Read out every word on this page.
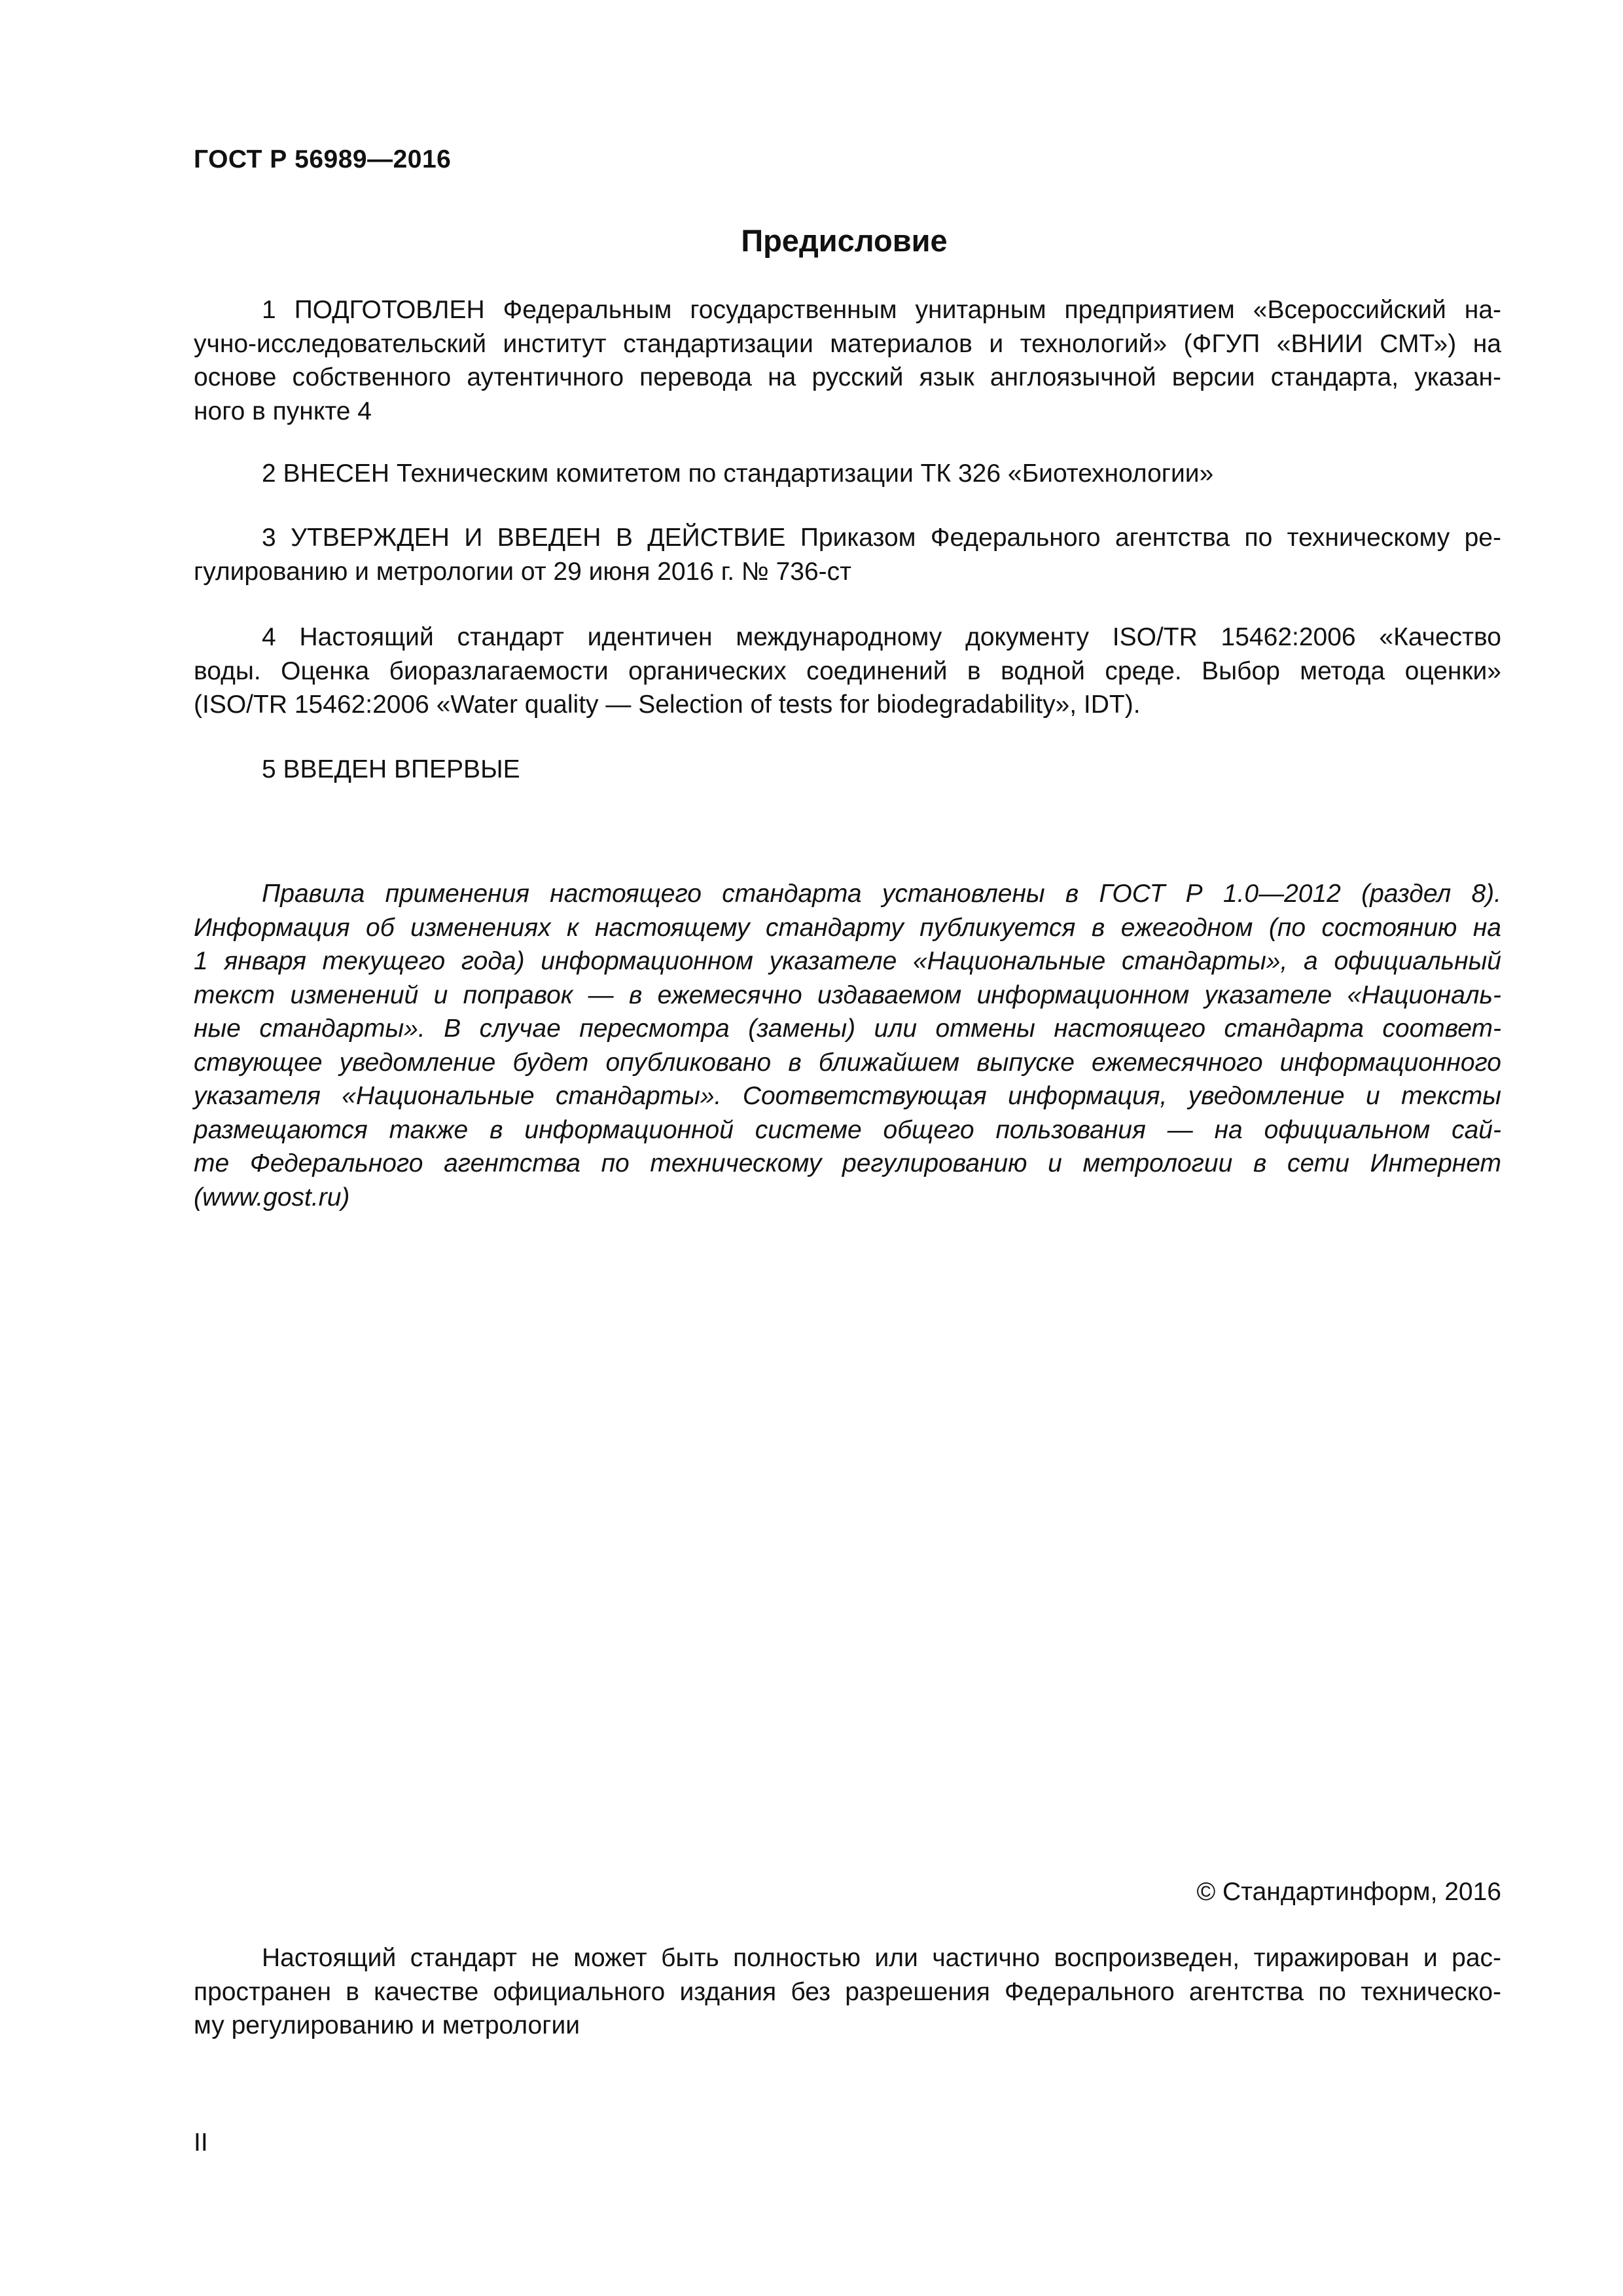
ГОСТ Р 56989—2016
Предисловие
1 ПОДГОТОВЛЕН Федеральным государственным унитарным предприятием «Всероссийский на-
учно-исследовательский институт стандартизации материалов и технологий» (ФГУП «ВНИИ СМТ») на
основе собственного аутентичного перевода на русский язык англоязычной версии стандарта, указан-
ного в пункте 4
2 ВНЕСЕН Техническим комитетом по стандартизации ТК 326 «Биотехнологии»
3 УТВЕРЖДЕН И ВВЕДЕН В ДЕЙСТВИЕ Приказом Федерального агентства по техническому ре-
гулированию и метрологии от 29 июня 2016 г. № 736-ст
4 Настоящий стандарт идентичен международному документу ISO/TR 15462:2006 «Качество
воды. Оценка биоразлагаемости органических соединений в водной среде. Выбор метода оценки»
(ISO/TR 15462:2006 «Water quality — Selection of tests for biodegradability», IDT).
5 ВВЕДЕН ВПЕРВЫЕ
Правила применения настоящего стандарта установлены в ГОСТ Р 1.0—2012 (раздел 8).
Информация об изменениях к настоящему стандарту публикуется в ежегодном (по состоянию на
1 января текущего года) информационном указателе «Национальные стандарты», а официальный
текст изменений и поправок — в ежемесячно издаваемом информационном указателе «Националь-
ные стандарты». В случае пересмотра (замены) или отмены настоящего стандарта соответ-
ствующее уведомление будет опубликовано в ближайшем выпуске ежемесячного информационного
указателя «Национальные стандарты». Соответствующая информация, уведомление и тексты
размещаются также в информационной системе общего пользования — на официальном сай-
те Федерального агентства по техническому регулированию и метрологии в сети Интернет
(www.gost.ru)
© Стандартинформ, 2016
Настоящий стандарт не может быть полностью или частично воспроизведен, тиражирован и рас-
пространен в качестве официального издания без разрешения Федерального агентства по техническо-
му регулированию и метрологии
II
